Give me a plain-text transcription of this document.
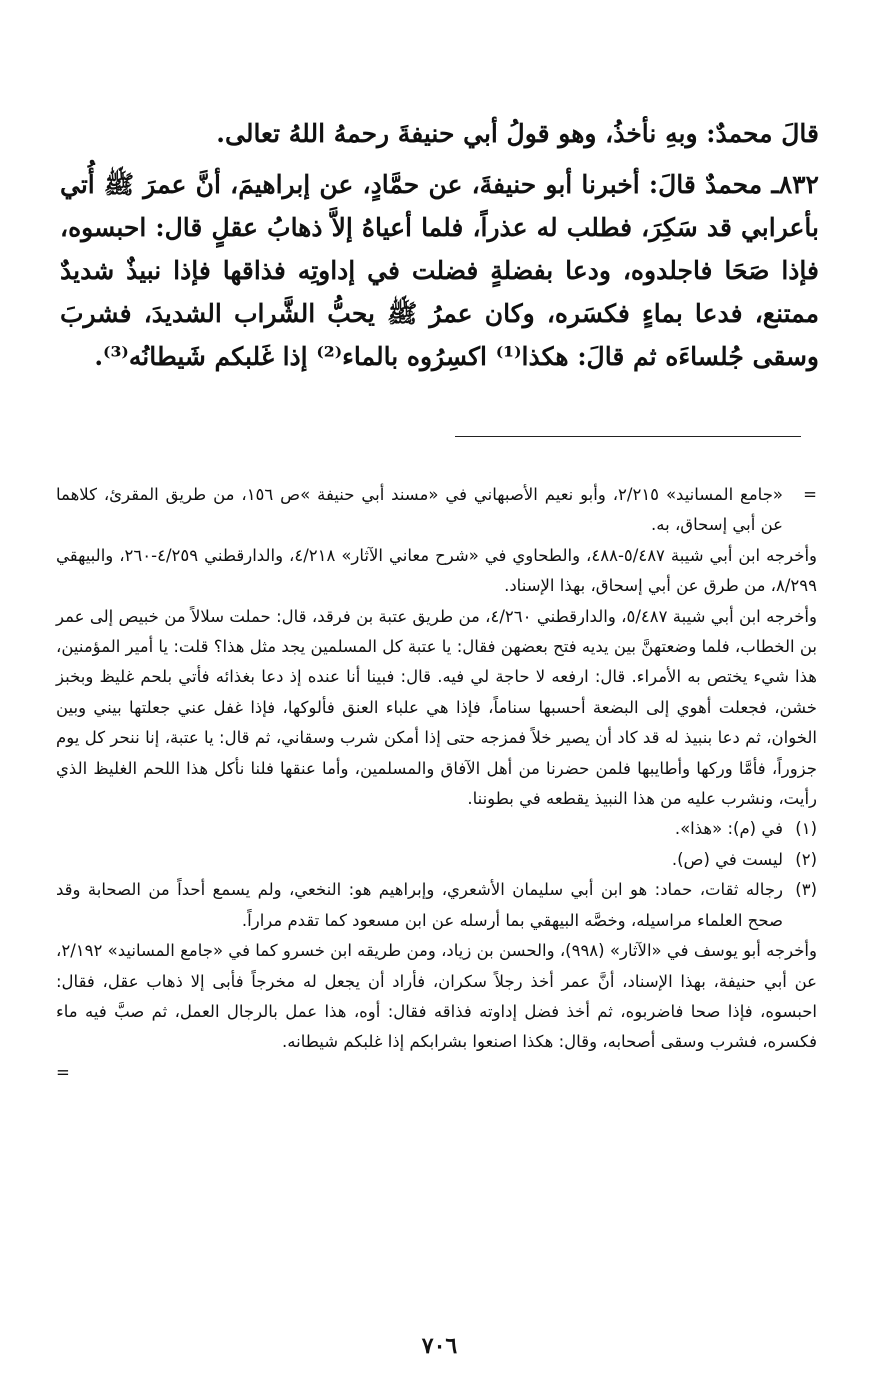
قالَ محمدٌ: وبهِ نأخذُ، وهو قولُ أبي حنيفةَ رحمهُ اللهُ تعالى.

٨٣٢ـ محمدٌ قالَ: أخبرنا أبو حنيفةَ، عن حمَّادٍ، عن إبراهيمَ، أنَّ عمرَ ﷺ أُتي بأعرابي قد سَكِرَ، فطلب له عذراً، فلما أعياهُ إلاَّ ذهابُ عقلٍ قال: احبسوه، فإذا صَحَا فاجلدوه، ودعا بفضلةٍ فضلت في إداوتِه فذاقها فإذا نبيذٌ شديدٌ ممتنع، فدعا بماءٍ فكسَره، وكان عمرُ ﷺ يحبُّ الشَّراب الشديدَ، فشربَ وسقى جُلساءَه ثم قالَ: هكذا⁽¹⁾ اكسِرُوه بالماء⁽²⁾ إذا غَلبكم شَيطانُه⁽³⁾.

=
«جامع المسانيد» ٢/٢١٥، وأبو نعيم الأصبهاني في «مسند أبي حنيفة »ص ١٥٦، من طريق المقرئ، كلاهما عن أبي إسحاق، به.

وأخرجه ابن أبي شيبة ٥/٤٨٧-٤٨٨، والطحاوي في «شرح معاني الآثار» ٤/٢١٨، والدارقطني ٤/٢٥٩-٢٦٠، والبيهقي ٨/٢٩٩، من طرق عن أبي إسحاق، بهذا الإسناد.

وأخرجه ابن أبي شيبة ٥/٤٨٧، والدارقطني ٤/٢٦٠، من طريق عتبة بن فرقد، قال: حملت سلالاً من خبيص إلى عمر بن الخطاب، فلما وضعتهنَّ بين يديه فتح بعضهن فقال: يا عتبة كل المسلمين يجد مثل هذا؟ قلت: يا أمير المؤمنين، هذا شيء يختص به الأمراء. قال: ارفعه لا حاجة لي فيه. قال: فبينا أنا عنده إذ دعا بغذائه فأتي بلحم غليظ وبخبز خشن، فجعلت أهوي إلى البضعة أحسبها سناماً، فإذا هي علباء العنق فألوكها، فإذا غفل عني جعلتها بيني وبين الخوان، ثم دعا بنبيذ له قد كاد أن يصير خلاً فمزجه حتى إذا أمكن شرب وسقاني، ثم قال: يا عتبة، إنا ننحر كل يوم جزوراً، فأمَّا وركها وأطايبها فلمن حضرنا من أهل الآفاق والمسلمين، وأما عنقها فلنا نأكل هذا اللحم الغليظ الذي رأيت، ونشرب عليه من هذا النبيذ يقطعه في بطوننا.

(١)
في (م): «هذا».

(٢)
ليست في (ص).

(٣)
رجاله ثقات، حماد: هو ابن أبي سليمان الأشعري، وإبراهيم هو: النخعي، ولم يسمع أحداً من الصحابة وقد صحح العلماء مراسيله، وخصَّه البيهقي بما أرسله عن ابن مسعود كما تقدم مراراً.

وأخرجه أبو يوسف في «الآثار» (٩٩٨)، والحسن بن زياد، ومن طريقه ابن خسرو كما في «جامع المسانيد» ٢/١٩٢، عن أبي حنيفة، بهذا الإسناد، أنَّ عمر أخذ رجلاً سكران، فأراد أن يجعل له مخرجاً فأبى إلا ذهاب عقل، فقال: احبسوه، فإذا صحا فاضربوه، ثم أخذ فضل إداوته فذاقه فقال: أوه، هذا عمل بالرجال العمل، ثم صبَّ فيه ماء فكسره، فشرب وسقى أصحابه، وقال: هكذا اصنعوا بشرابكم إذا غلبكم شيطانه.

=

٧٠٦
